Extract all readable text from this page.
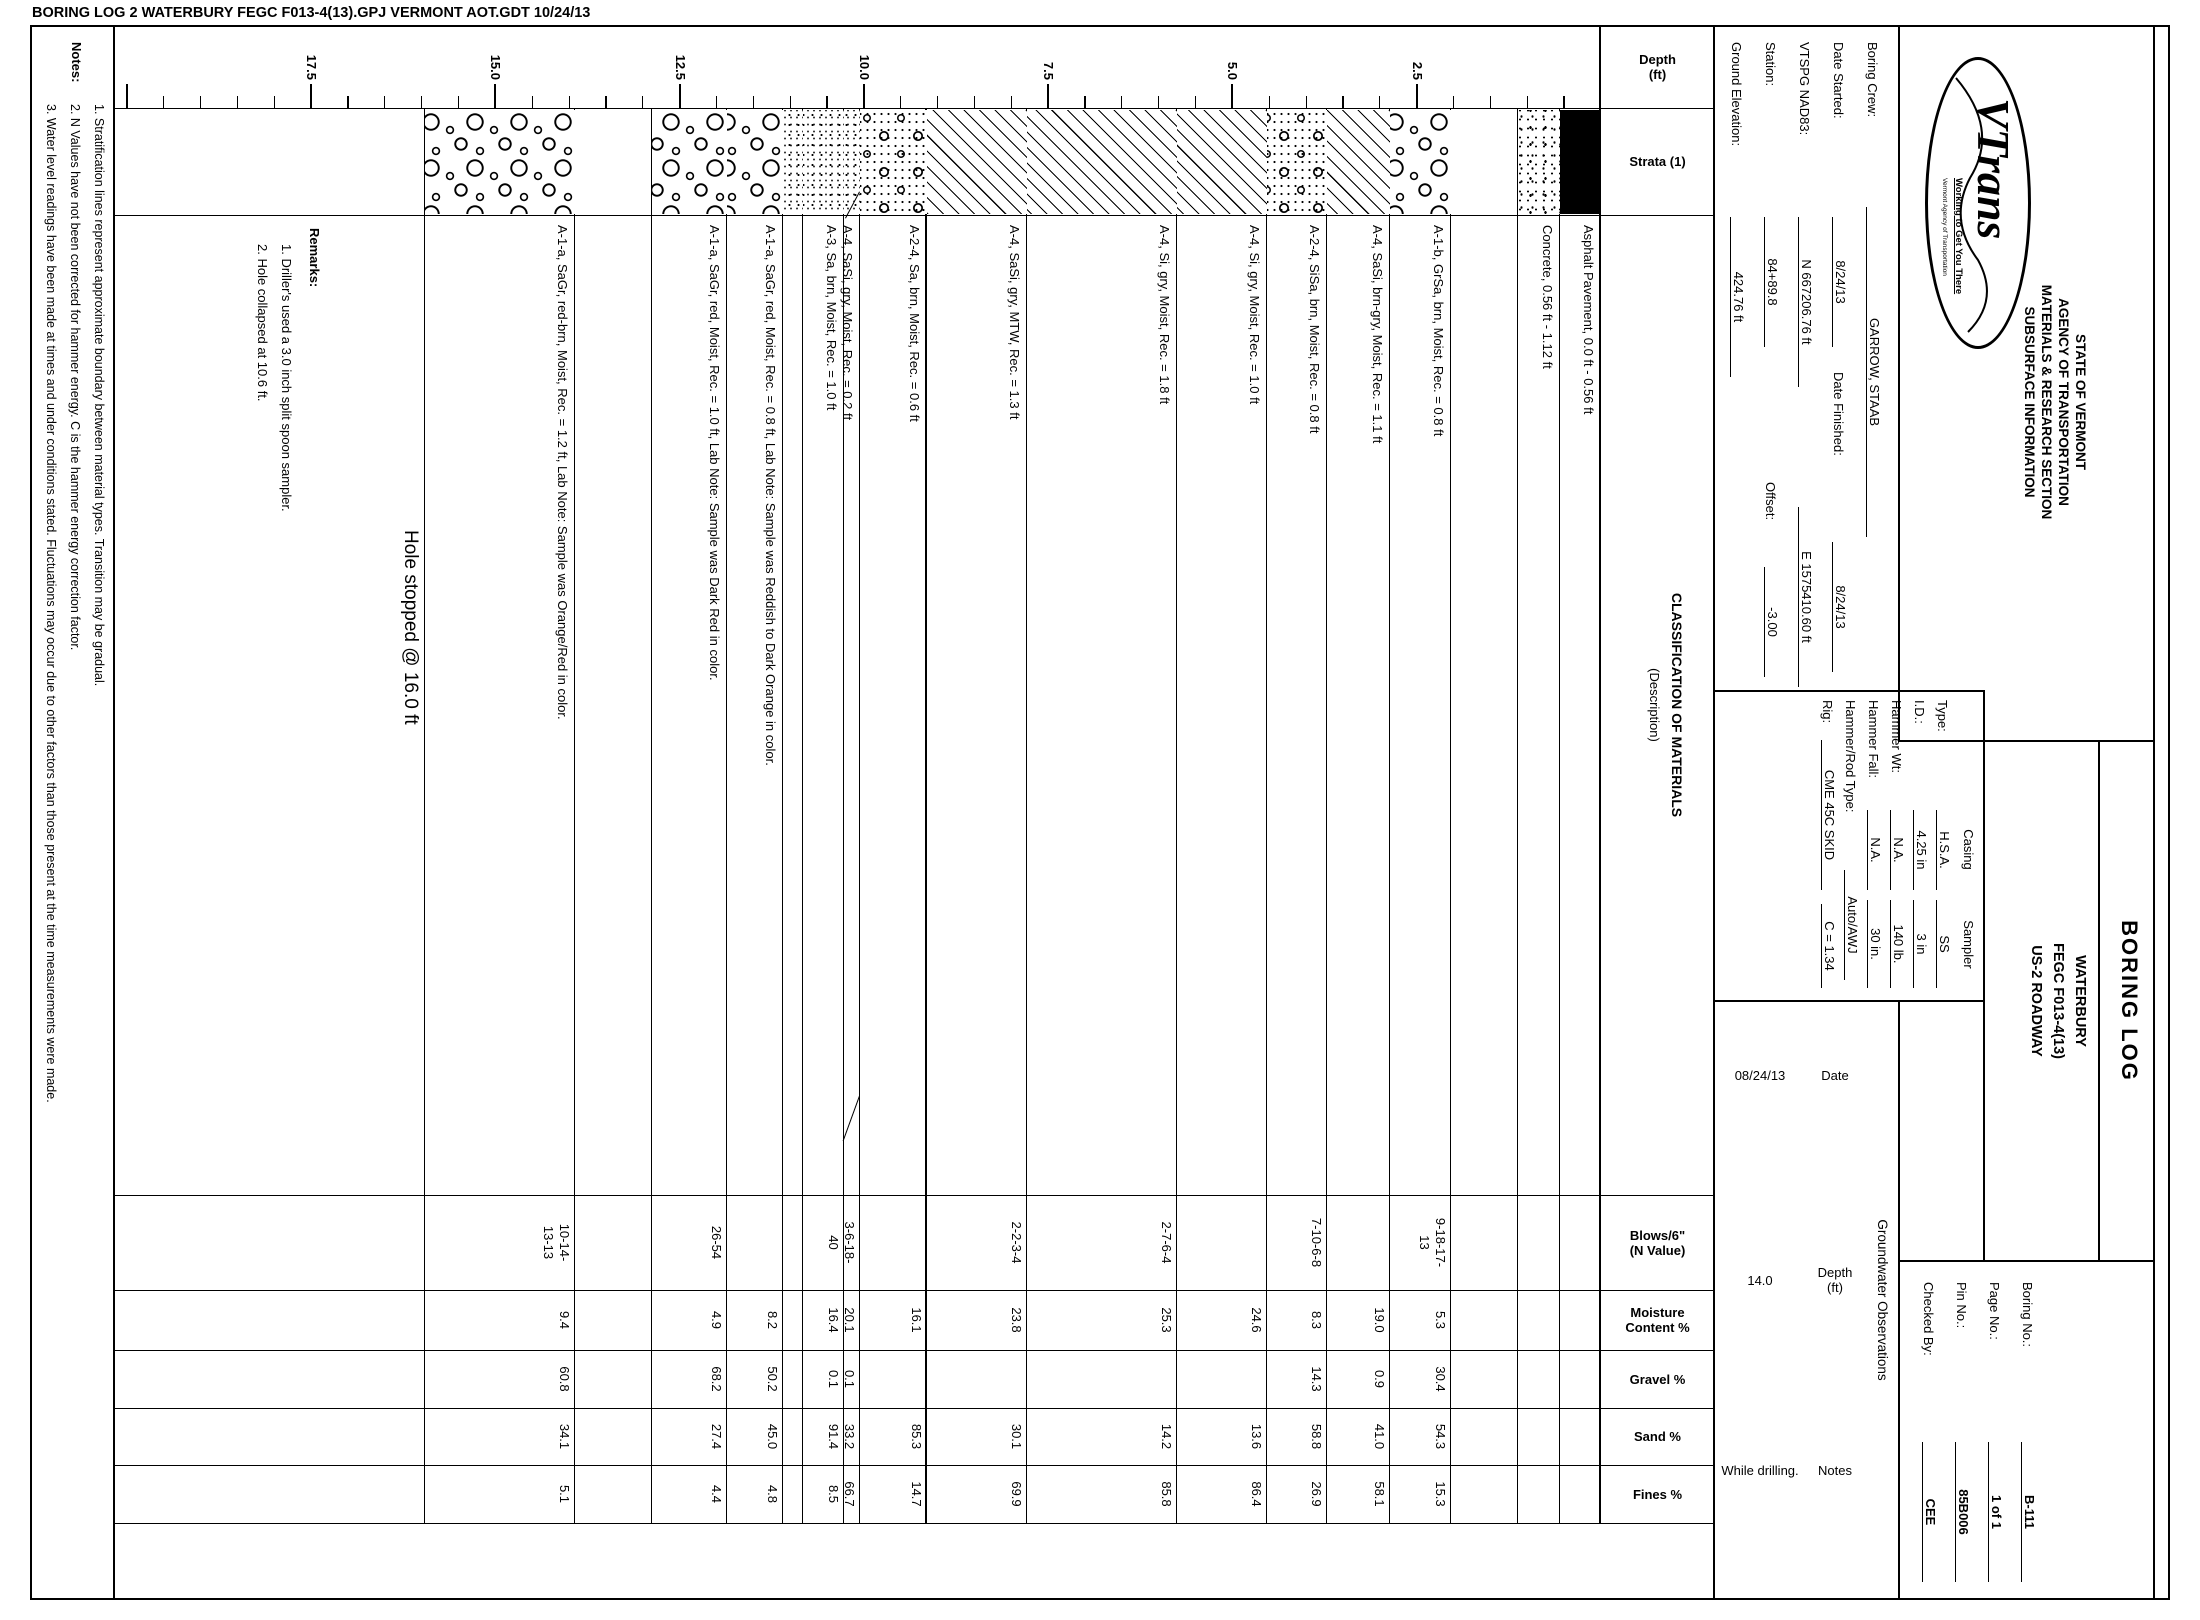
BORING LOG 2 WATERBURY FEGC F013-4(13).GPJ VERMONT AOT.GDT 10/24/13
STATE OF VERMONT
AGENCY OF TRANSPORTATION
MATERIALS & RESEARCH SECTION
SUBSURFACE INFORMATION
VTrans
Working to Get You There
Vermont Agency of Transportation
BORING LOG
WATERBURY
FEGC F013-4(13)
US-2 ROADWAY
Boring No.:
B-111
Page No.:
1 of 1
Pin No.:
85B006
Checked By:
CEE
Boring Crew:
GARROW, STAAB
Date Started:
8/24/13
Date Finished:
8/24/13
VTSPG NAD83:
N 667206.76 ft
E 1575410.60 ft
Station:
84+89.8
Offset:
-3.00
Ground Elevation:
424.76 ft
Casing
Sampler
Type:
H.S.A.
SS
I.D.:
4.25 in
3 in
Hammer Wt:
N.A.
140 lb.
Hammer Fall:
N.A.
30 in.
Hammer/Rod Type:
Auto/AWJ
Rig:
CME 45C SKID
C = 1.34
Groundwater Observations
CLASSIFICATION OF MATERIALS
(Description)
Remarks:
1. Driller's used a 3.0 inch split spoon sampler.
2. Hole collapsed at 10.6 ft.
Hole stopped @ 16.0 ft
Notes:
1. Stratification lines represent approximate boundary between material types. Transition may be gradual.
2. N Values have not been corrected for hammer energy. C is the hammer energy correction factor.
3. Water level readings have been made at times and under conditions stated. Fluctuations may occur due to other factors than those present at the time measurements were made.	Date
08/24/13
Depth
(ft)
14.0
Notes
While drilling.
Depth
(ft)
Strata (1)
Blows/6"
(N Value)
Moisture
Content %
Gravel %
Sand %
Fines %
2.5
5.0
7.5
10.0
12.5
15.0
17.5
Asphalt Pavement, 0.0 ft - 0.56 ft
Concrete, 0.56 ft - 1.12 ft
A-1-b, GrSa, brn, Moist, Rec. = 0.8 ft
9-18-17-
13
5.3
30.4
54.3
15.3
A-4, SaSi, brn-gry, Moist, Rec. = 1.1 ft
19.0
0.9
41.0
58.1
A-2-4, SiSa, brn, Moist, Rec. = 0.8 ft
7-10-6-8
8.3
14.3
58.8
26.9
A-4, Si, gry, Moist, Rec. = 1.0 ft
24.6
13.6
86.4
A-4, Si, gry, Moist, Rec. = 1.8 ft
2-7-6-4
25.3
14.2
85.8
A-4, SaSi, gry, MTW, Rec. = 1.3 ft
2-2-3-4
23.8
30.1
69.9
A-2-4, Sa, brn, Moist, Rec. = 0.6 ft
16.1
85.3
14.7
A-4, SaSi, gry, Moist, Rec. = 0.2 ft
3-6-18-
40
20.1
0.1
33.2
66.7
A-3, Sa, brn, Moist, Rec. = 1.0 ft
16.4
0.1
91.4
8.5
A-1-a, SaGr, red, Moist, Rec. = 0.8 ft, Lab Note: Sample was Reddish to Dark Orange in color.
8.2
50.2
45.0
4.8
A-1-a, SaGr, red, Moist, Rec. = 1.0 ft, Lab Note: Sample was Dark Red in color.
26-54
4.9
68.2
27.4
4.4
A-1-a, SaGr, red-brn, Moist, Rec. = 1.2 ft, Lab Note: Sample was Orange/Red in color.
10-14-
13-13
9.4
60.8
34.1
5.1
